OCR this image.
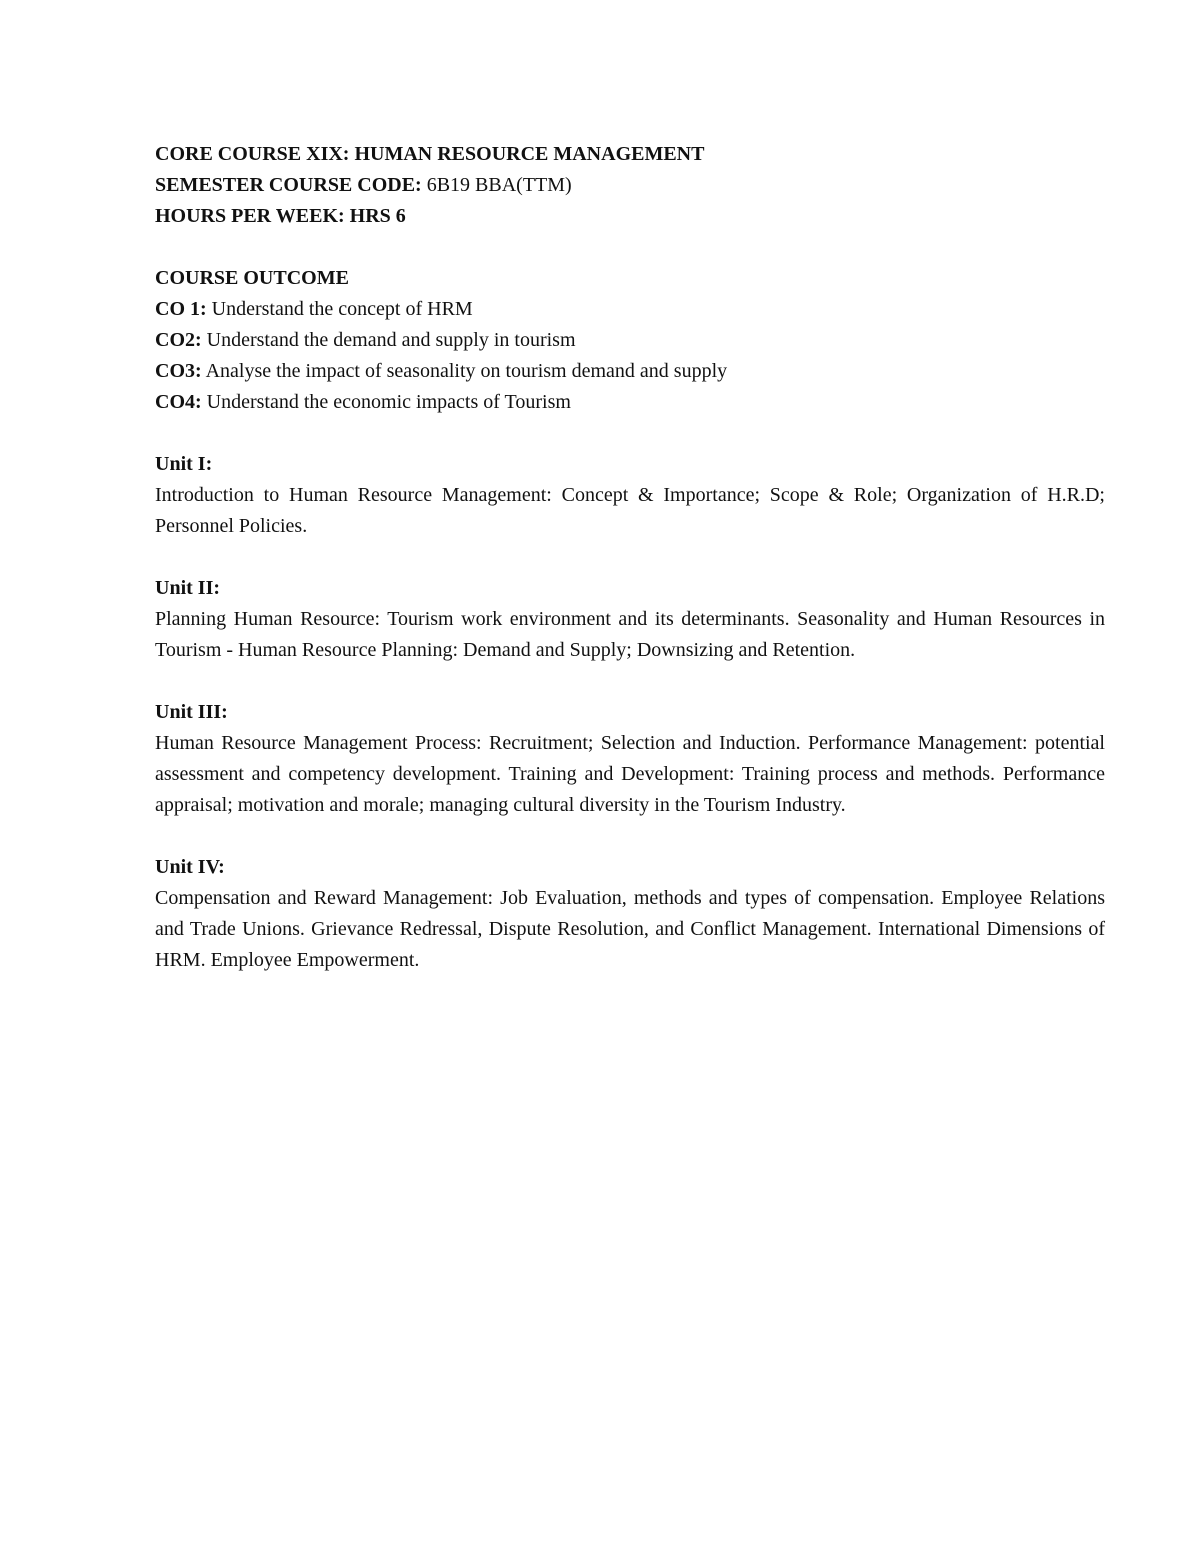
CORE COURSE XIX: HUMAN RESOURCE MANAGEMENT

SEMESTER COURSE CODE: 6B19 BBA(TTM)

HOURS PER WEEK: HRS 6

COURSE OUTCOME

CO 1: Understand the concept of HRM

CO2: Understand the demand and supply in tourism

CO3: Analyse the impact of seasonality on tourism demand and supply

CO4: Understand the economic impacts of Tourism

Unit I:

Introduction to Human Resource Management: Concept & Importance; Scope & Role; Organization of H.R.D; Personnel Policies.

Unit II:

Planning Human Resource: Tourism work environment and its determinants. Seasonality and Human Resources in Tourism - Human Resource Planning: Demand and Supply; Downsizing and Retention.

Unit III:

Human Resource Management Process: Recruitment; Selection and Induction. Performance Management: potential assessment and competency development. Training and Development: Training process and methods. Performance appraisal; motivation and morale; managing cultural diversity in the Tourism Industry.

Unit IV:

Compensation and Reward Management: Job Evaluation, methods and types of compensation. Employee Relations and Trade Unions. Grievance Redressal, Dispute Resolution, and Conflict Management. International Dimensions of HRM. Employee Empowerment.
